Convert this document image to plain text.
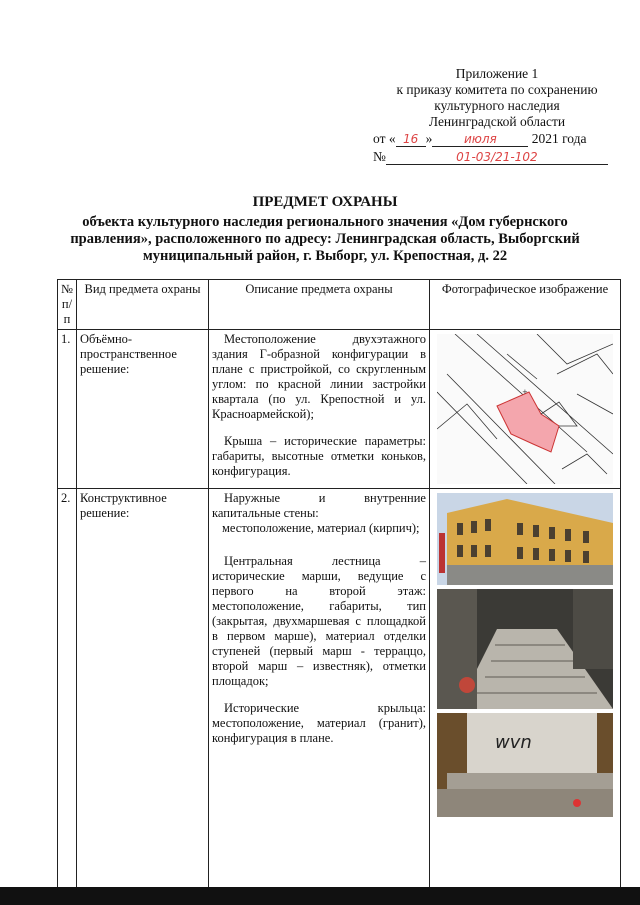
Приложение 1
к приказу комитета по сохранению
культурного наследия
Ленинградской области
от « 16 »	июля	2021 года
№	01-03/21-102
ПРЕДМЕТ ОХРАНЫ
объекта культурного наследия регионального значения «Дом губернского правления», расположенного по адресу: Ленинградская область, Выборгский муниципальный район, г. Выборг, ул. Крепостная, д. 22
№ п/п	Вид предмета охраны	Описание предмета охраны	Фотографическое изображение
1.	Объёмно-пространственное решение:	Местоположение двухэтажного здания Г-образной конфигурации в плане с пристройкой, со скругленным углом: по красной линии застройки квартала (по ул. Крепостной и ул. Красноармейской);

Крыша – исторические параметры: габариты, высотные отметки коньков, конфигурация.	+

2.	Конструктивное решение:	Наружные и внутренние капитальные стены:

местоположение, материал (кирпич);

Центральная лестница – исторические марши, ведущие с первого на второй этаж: местоположение, габариты, тип (закрытая, двухмаршевая с площадкой в первом марше), материал отделки ступеней (первый марш - терраццо, второй марш – известняк), отметки площадок;

Исторические крыльца: местоположение, материал (гранит), конфигурация в плане.	wvn
